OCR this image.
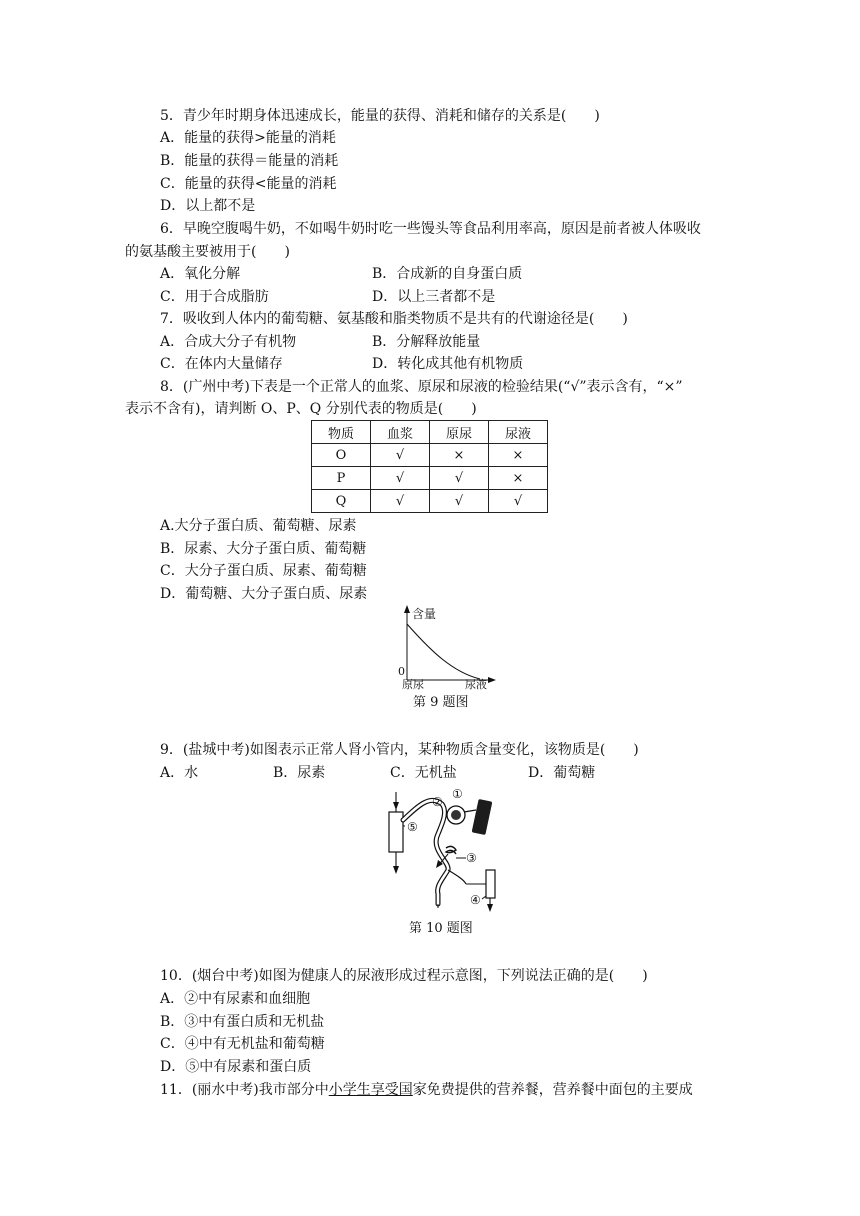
5．青少年时期身体迅速成长，能量的获得、消耗和储存的关系是(　　)
A．能量的获得>能量的消耗
B．能量的获得＝能量的消耗
C．能量的获得<能量的消耗
D．以上都不是
6．早晚空腹喝牛奶，不如喝牛奶时吃一些馒头等食品利用率高，原因是前者被人体吸收
的氨基酸主要被用于(　　)
A．氧化分解	B．合成新的自身蛋白质
C．用于合成脂肪	D．以上三者都不是
7．吸收到人体内的葡萄糖、氨基酸和脂类物质不是共有的代谢途径是(　　)
A．合成大分子有机物	B．分解释放能量
C．在体内大量储存	D．转化成其他有机物质
8．(广州中考)下表是一个正常人的血浆、原尿和尿液的检验结果(“√”表示含有，“×”
表示不含有)，请判断 O、P、Q 分别代表的物质是(　　)
物质	血浆	原尿	尿液
O	√	×	×
P	√	√	×
Q	√	√	√
A.大分子蛋白质、葡萄糖、尿素
B．尿素、大分子蛋白质、葡萄糖
C．大分子蛋白质、尿素、葡萄糖
D．葡萄糖、大分子蛋白质、尿素
含量
0
原尿	尿液
第 9 题图
9．(盐城中考)如图表示正常人肾小管内，某种物质含量变化，该物质是(　　)
A．水	B．尿素	C．无机盐	D．葡萄糖
①
②
③
④
⑤
第 10 题图
10．(烟台中考)如图为健康人的尿液形成过程示意图，下列说法正确的是(　　)
A．②中有尿素和血细胞
B．③中有蛋白质和无机盐
C．④中有无机盐和葡萄糖
D．⑤中有尿素和蛋白质
11．(丽水中考)我市部分中小学生享受国家免费提供的营养餐，营养餐中面包的主要成
